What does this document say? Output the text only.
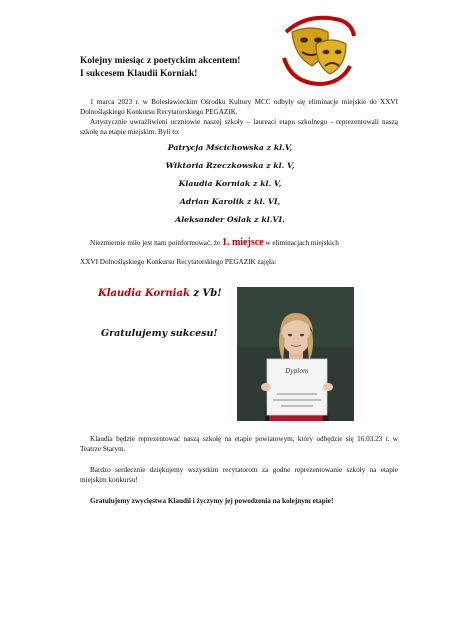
Kolejny miesiąc z poetyckim akcentem!
I sukcesem Klaudii Korniak!
1 marca 2023 r. w Bolesławieckim Ośrodku Kultury MCC odbyły się eliminacje miejskie do XXVI Dolnośląskiego Konkursu Recytatorskiego PEGAZIK.
Artystycznie uwrażliwieni uczniowie naszej szkoły – laureaci etapu szkolnego - reprezentowali naszą szkołę na etapie miejskim. Byli to:
Patrycja Mścichowska z kl.V,
Wiktoria Rzeczkowska z kl. V,
Klaudia Korniak z kl. V,
Adrian Karolik z kl. VI,
Aleksander Oślak z kl.VI.
Niezmiernie miło jest nam poinformować, że 1. miejsce w eliminacjach miejskich
XXVI Dolnośląskiego Konkursu Recytatorskiego PEGAZIK zajęła:
Klaudia Korniak z Vb!
Gratulujemy sukcesu!
Dyplom
Klaudia będzie reprezentować naszą szkołę na etapie powiatowym, który odbędzie się 16.03.23 r. w Teatrze Starym.
Bardzo serdecznie dziękujemy wszystkim recytatorom za godne reprezentowanie szkoły na etapie miejskim konkursu!
Gratulujemy zwycięstwa Klaudii i życzymy jej powodzenia na kolejnym etapie!
